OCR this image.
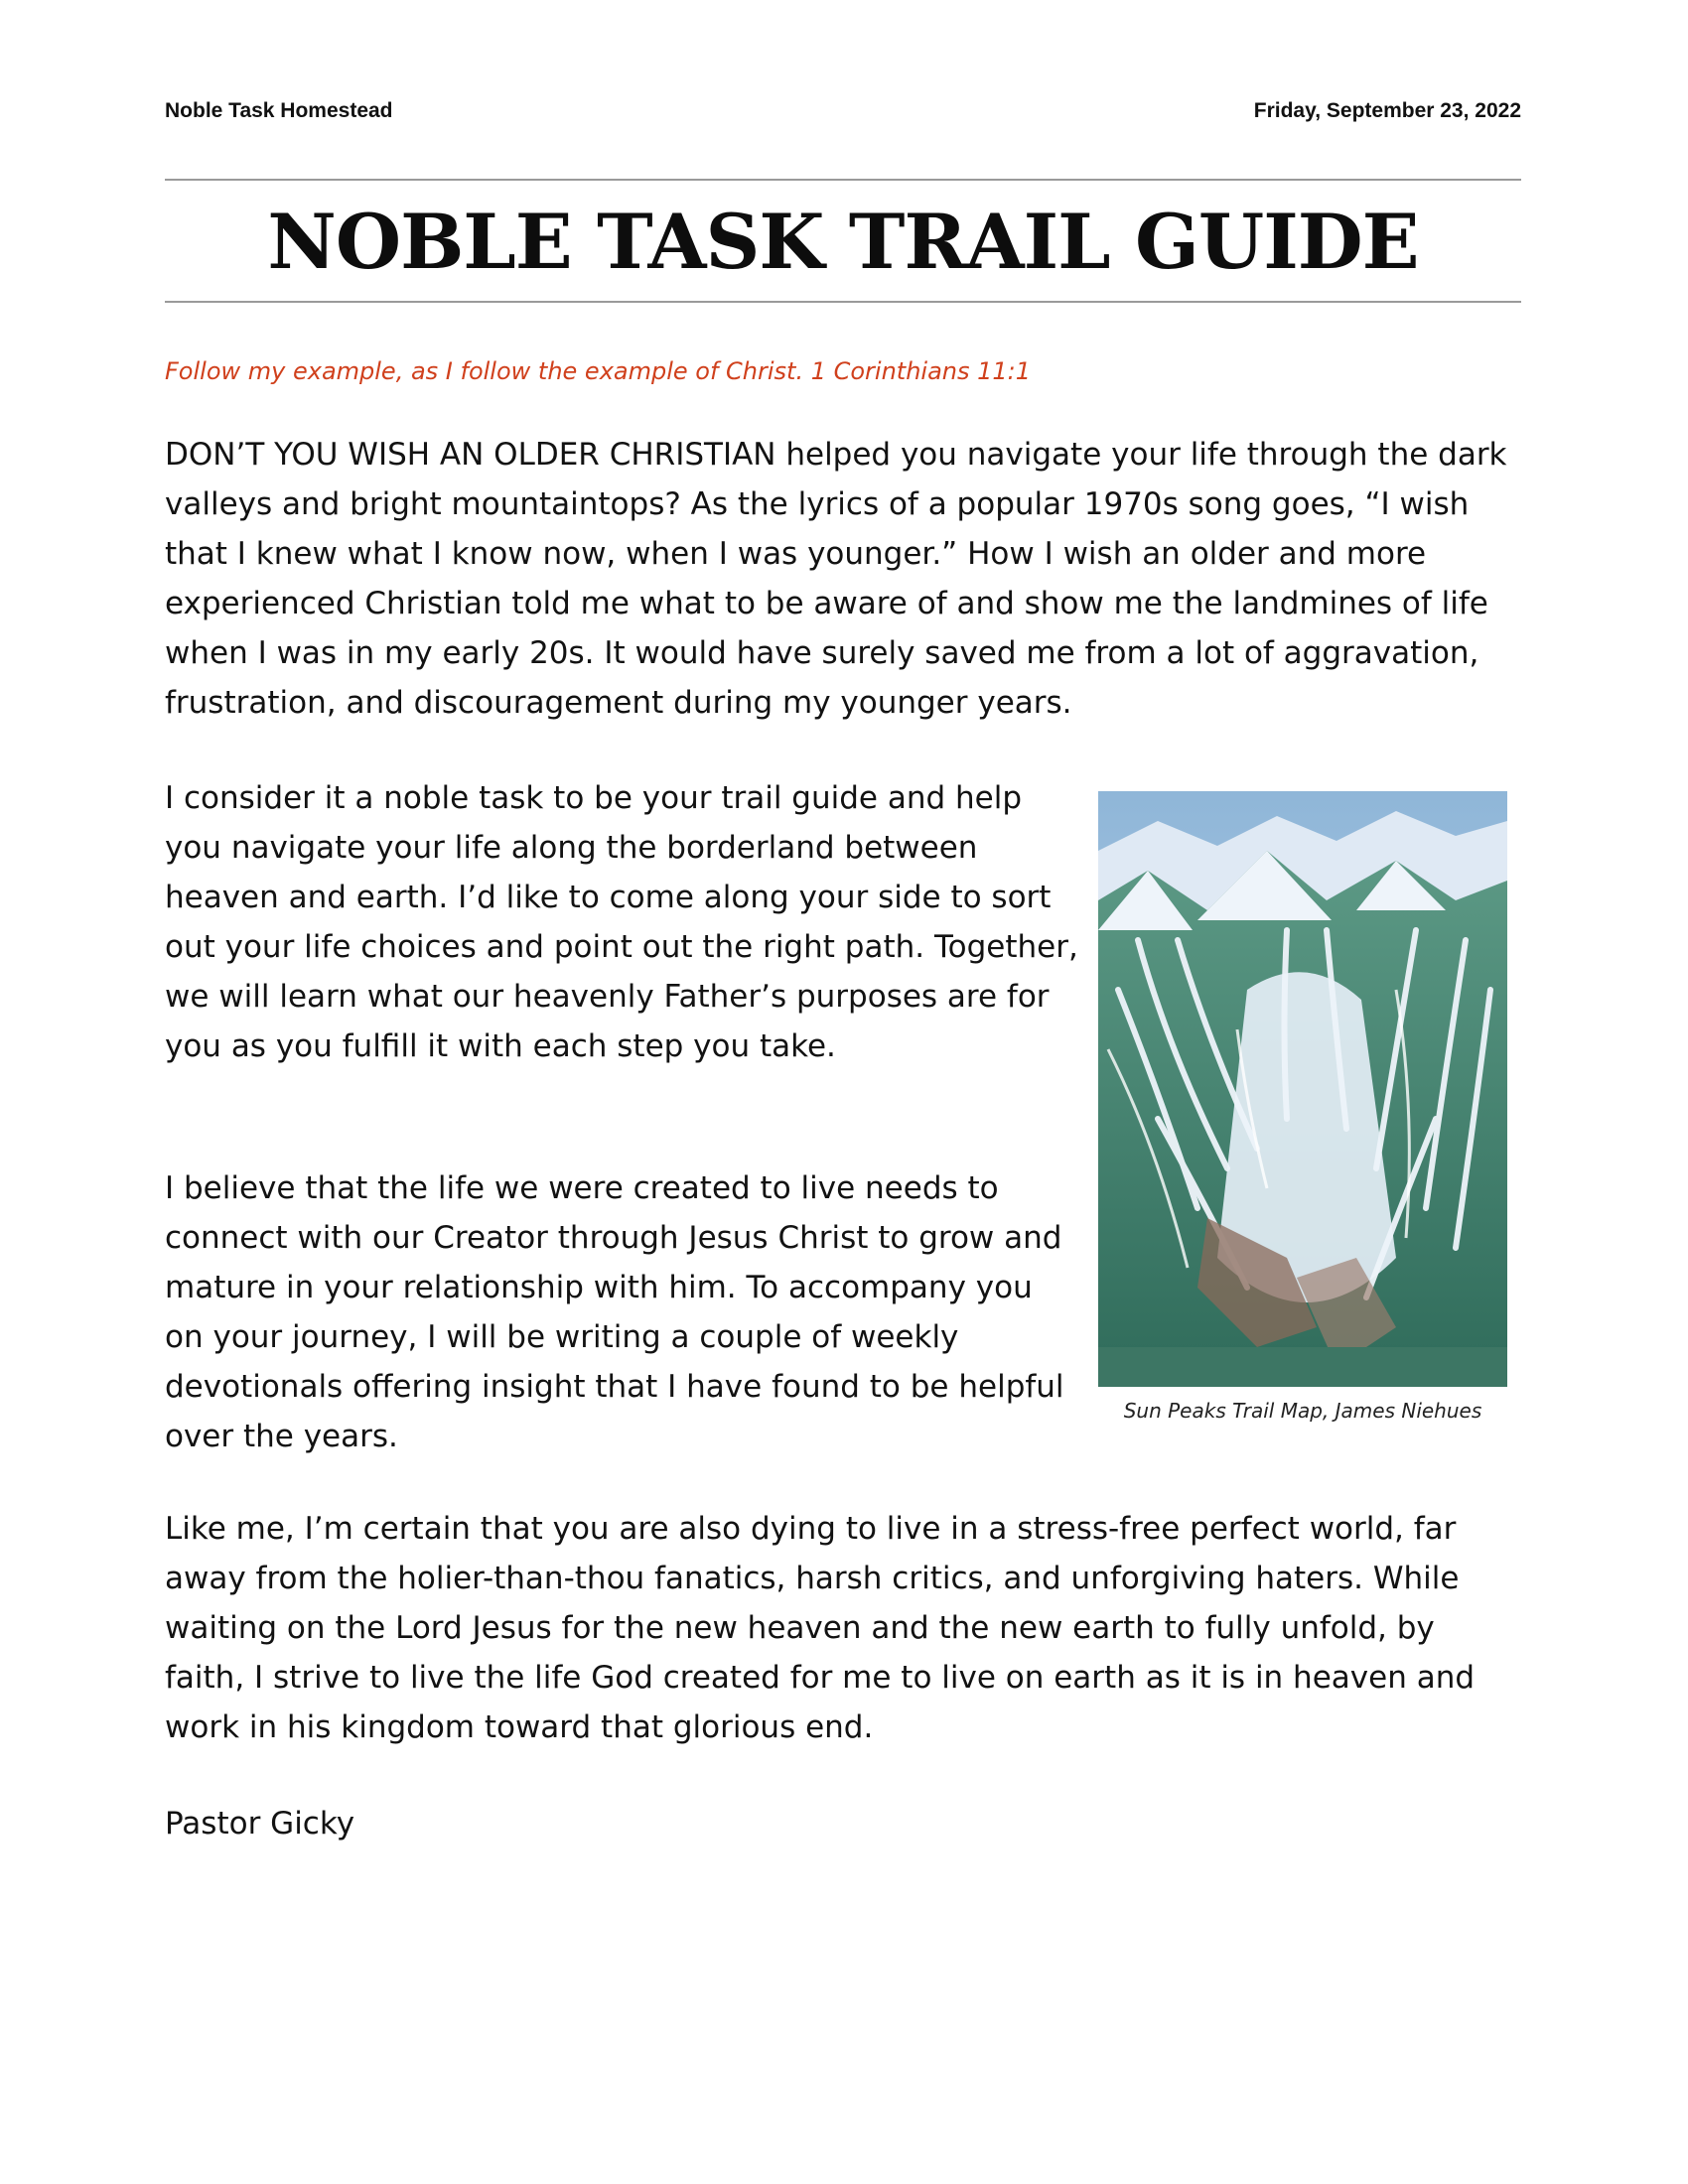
Noble Task Homestead	Friday, September 23, 2022
NOBLE TASK TRAIL GUIDE
Follow my example, as I follow the example of Christ. 1 Corinthians 11:1

DON’T YOU WISH AN OLDER CHRISTIAN helped you navigate your life through the dark valleys and bright mountaintops? As the lyrics of a popular 1970s song goes, “I wish that I knew what I know now, when I was younger.” How I wish an older and more experienced Christian told me what to be aware of and show me the landmines of life when I was in my early 20s. It would have surely saved me from a lot of aggravation, frustration, and discouragement during my younger years.

I consider it a noble task to be your trail guide and help you navigate your life along the borderland between heaven and earth. I’d like to come along your side to sort out your life choices and point out the right path. Together, we will learn what our heavenly Father’s purposes are for you as you fulfill it with each step you take.

I believe that the life we were created to live needs to connect with our Creator through Jesus Christ to grow and mature in your relationship with him. To accompany you on your journey, I will be writing a couple of weekly devotionals offering insight that I have found to be helpful over the years.

Sun Peaks Trail Map, James Niehues

Like me, I’m certain that you are also dying to live in a stress-free perfect world, far away from the holier-than-thou fanatics, harsh critics, and unforgiving haters. While waiting on the Lord Jesus for the new heaven and the new earth to fully unfold, by faith, I strive to live the life God created for me to live on earth as it is in heaven and work in his kingdom toward that glorious end.

Pastor Gicky
